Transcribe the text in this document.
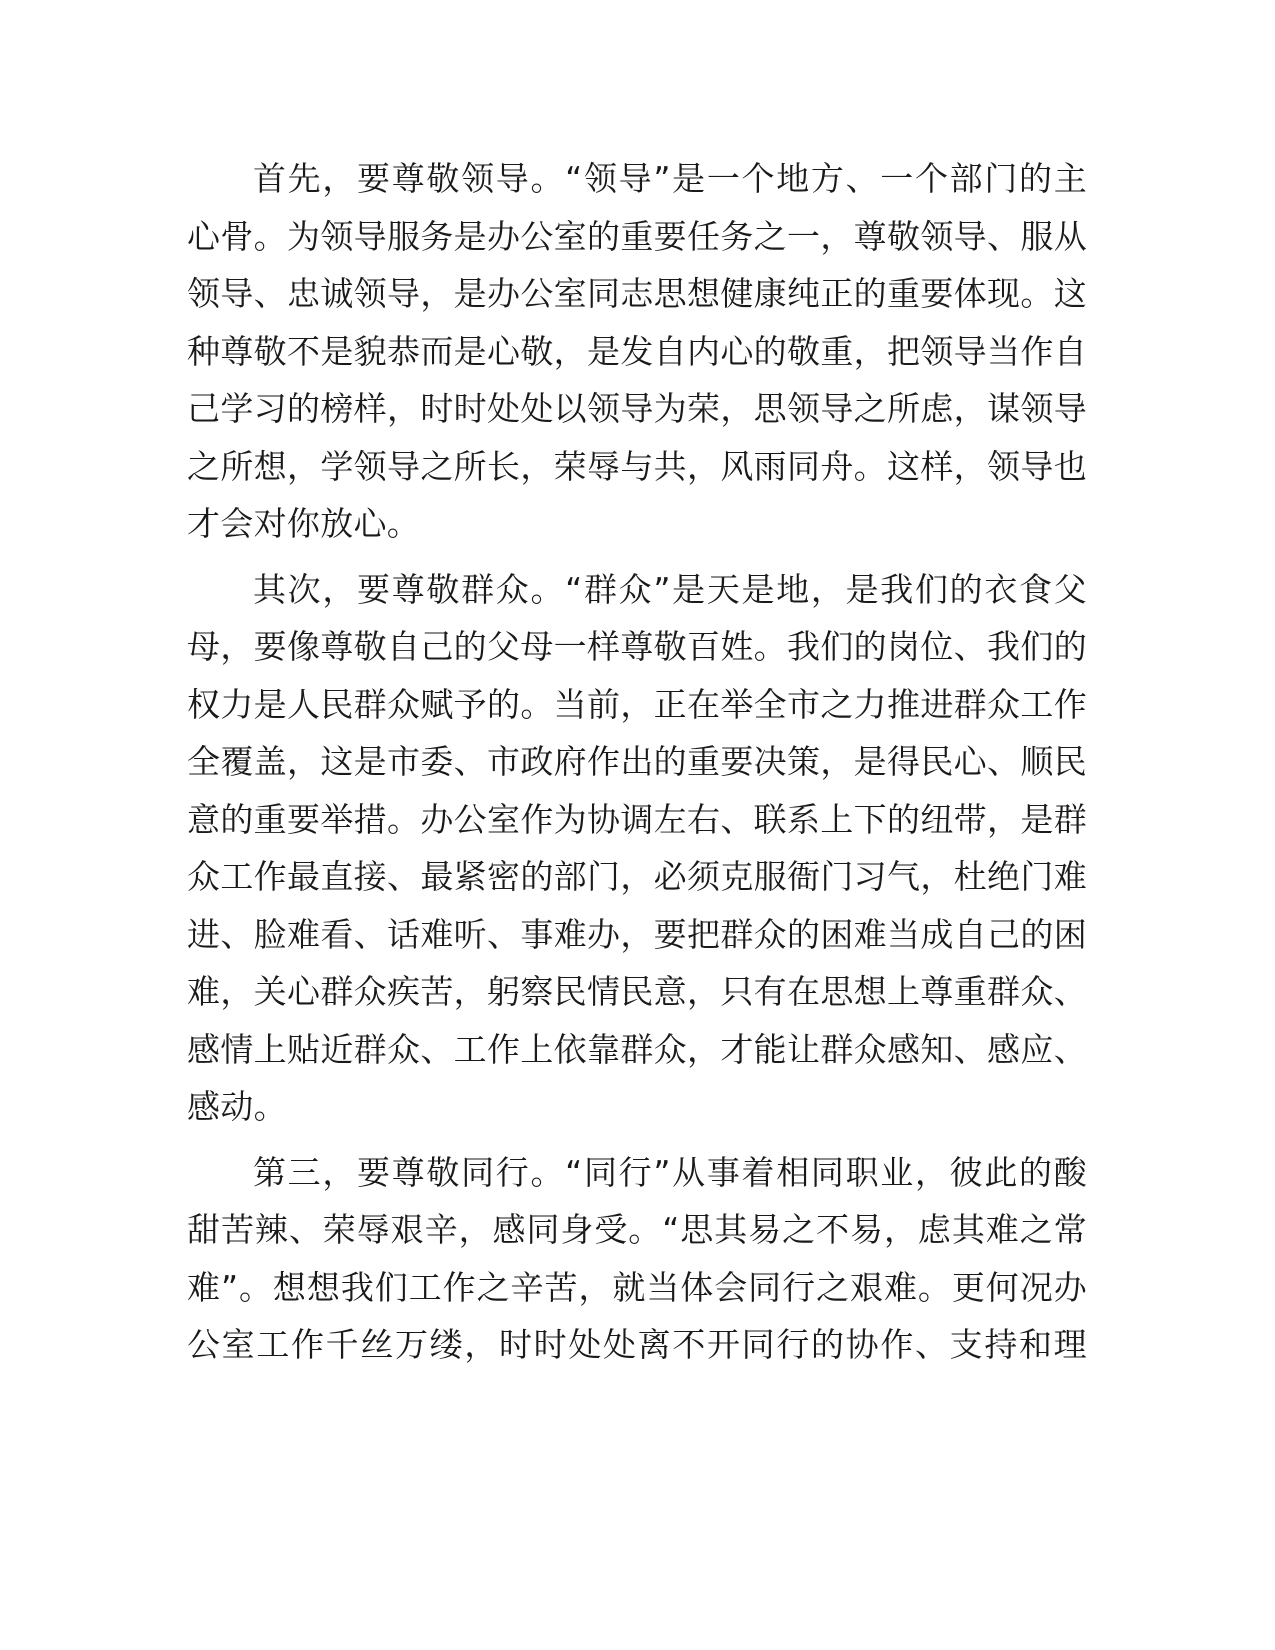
首先，要尊敬领导。“领导”是一个地方、一个部门的主
心骨。为领导服务是办公室的重要任务之一，尊敬领导、服从
领导、忠诚领导，是办公室同志思想健康纯正的重要体现。这
种尊敬不是貌恭而是心敬，是发自内心的敬重，把领导当作自
己学习的榜样，时时处处以领导为荣，思领导之所虑，谋领导
之所想，学领导之所长，荣辱与共，风雨同舟。这样，领导也
才会对你放心。
其次，要尊敬群众。“群众”是天是地，是我们的衣食父
母，要像尊敬自己的父母一样尊敬百姓。我们的岗位、我们的
权力是人民群众赋予的。当前，正在举全市之力推进群众工作
全覆盖，这是市委、市政府作出的重要决策，是得民心、顺民
意的重要举措。办公室作为协调左右、联系上下的纽带，是群
众工作最直接、最紧密的部门，必须克服衙门习气，杜绝门难
进、脸难看、话难听、事难办，要把群众的困难当成自己的困
难，关心群众疾苦，躬察民情民意，只有在思想上尊重群众、
感情上贴近群众、工作上依靠群众，才能让群众感知、感应、
感动。
第三，要尊敬同行。“同行”从事着相同职业，彼此的酸
甜苦辣、荣辱艰辛，感同身受。“思其易之不易，虑其难之常
难”。想想我们工作之辛苦，就当体会同行之艰难。更何况办
公室工作千丝万缕，时时处处离不开同行的协作、支持和理
